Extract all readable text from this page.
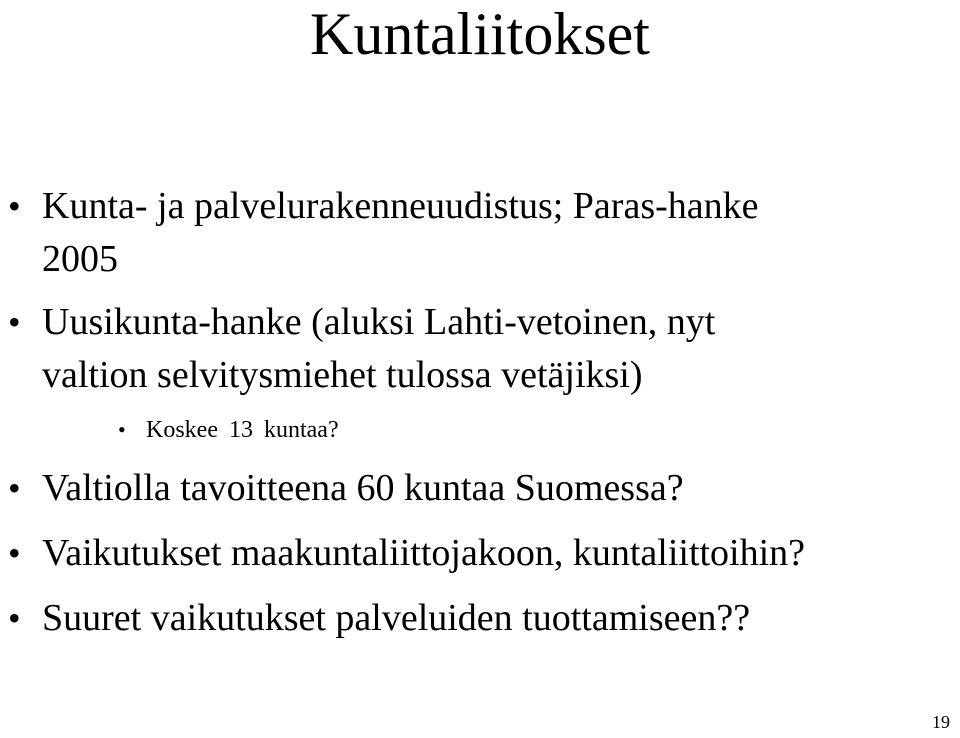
Kuntaliitokset
• Kunta- ja palvelurakenneuudistus; Paras-hanke
2005
• Uusikunta-hanke (aluksi Lahti-vetoinen, nyt
valtion selvitysmiehet tulossa vetäjiksi)
• Koskee 13 kuntaa?
• Valtiolla tavoitteena 60 kuntaa Suomessa?
• Vaikutukset maakuntaliittojakoon, kuntaliittoihin?
• Suuret vaikutukset palveluiden tuottamiseen??
19
